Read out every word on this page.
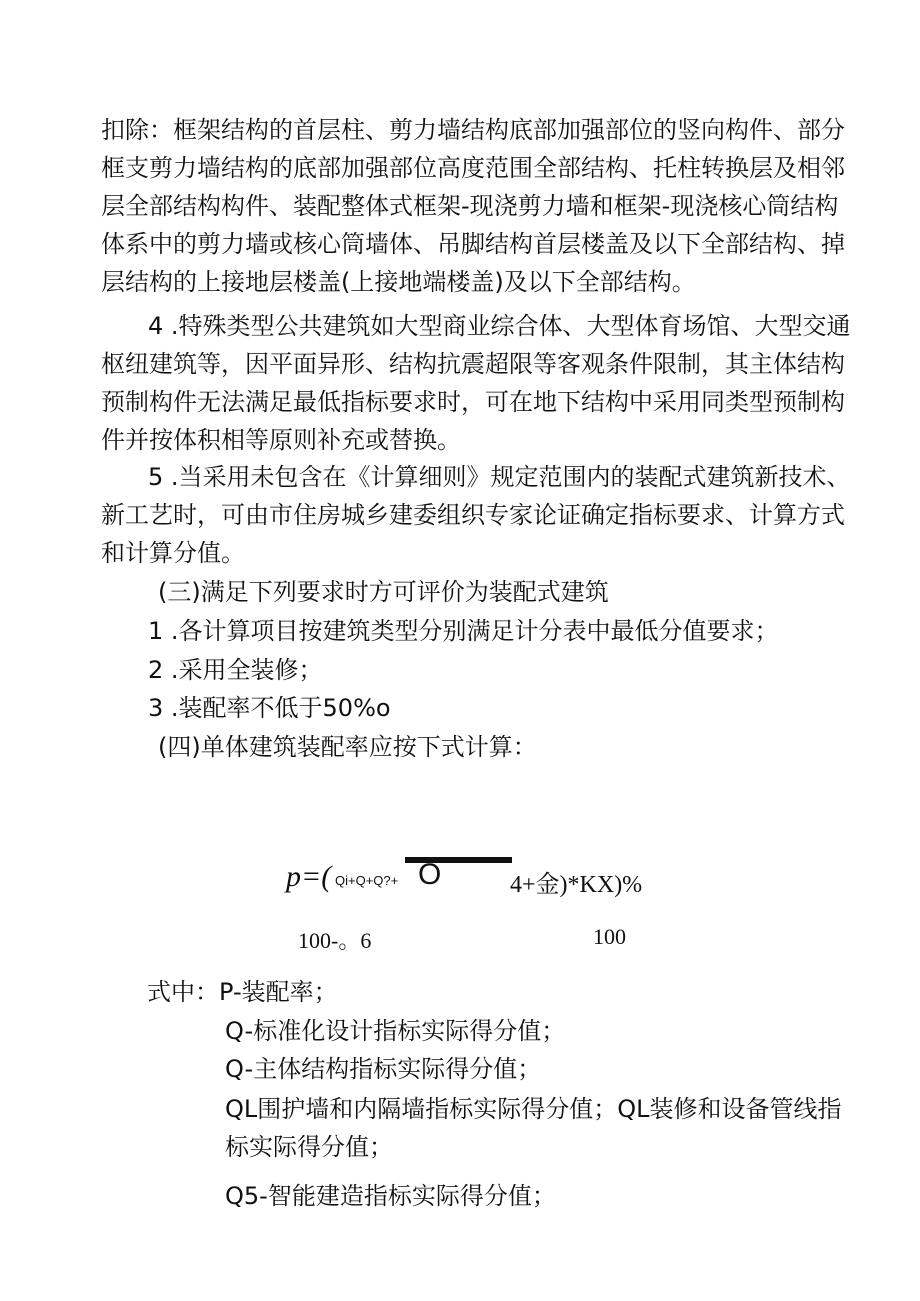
扣除：框架结构的首层柱、剪力墙结构底部加强部位的竖向构件、部分
框支剪力墙结构的底部加强部位高度范围全部结构、托柱转换层及相邻
层全部结构构件、装配整体式框架-现浇剪力墙和框架-现浇核心筒结构
体系中的剪力墙或核心筒墙体、吊脚结构首层楼盖及以下全部结构、掉
层结构的上接地层楼盖(上接地端楼盖)及以下全部结构。
4 .特殊类型公共建筑如大型商业综合体、大型体育场馆、大型交通
枢纽建筑等，因平面异形、结构抗震超限等客观条件限制，其主体结构
预制构件无法满足最低指标要求时，可在地下结构中采用同类型预制构
件并按体积相等原则补充或替换。
5 .当采用未包含在《计算细则》规定范围内的装配式建筑新技术、
新工艺时，可由市住房城乡建委组织专家论证确定指标要求、计算方式
和计算分值。
(三)满足下列要求时方可评价为装配式建筑
1 .各计算项目按建筑类型分别满足计分表中最低分值要求；
2 .采用全装修；
3 .装配率不低于50%o
(四)单体建筑装配率应按下式计算：
p=( Qi+Q+Q?+ O	4+金)*KX)%
100-。6	100
式中：P-装配率；
Q-标准化设计指标实际得分值；
Q-主体结构指标实际得分值；
QL围护墙和内隔墙指标实际得分值；QL装修和设备管线指
标实际得分值；
Q5-智能建造指标实际得分值；
